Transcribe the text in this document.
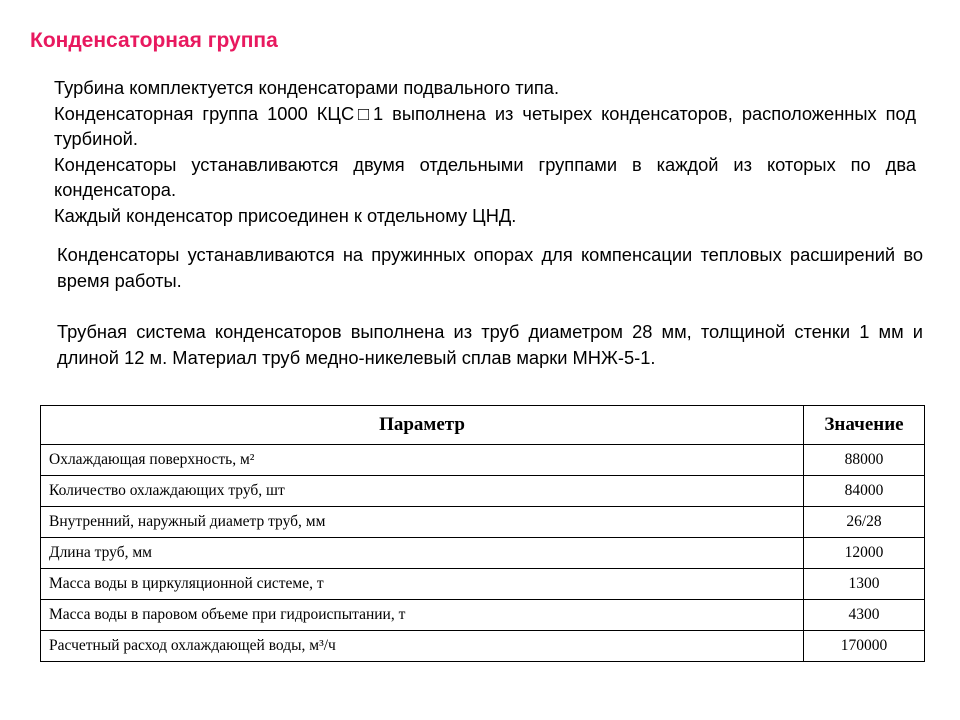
Конденсаторная группа

Турбина комплектуется конденсаторами подвального типа.

Конденсаторная группа 1000 КЦС□1 выполнена из четырех конденсаторов, расположенных под турбиной.

Конденсаторы устанавливаются двумя отдельными группами в каждой из которых по два конденсатора.

Каждый конденсатор присоединен к отдельному ЦНД.

Конденсаторы устанавливаются на пружинных опорах для компенсации тепловых расширений во время работы.

Трубная система конденсаторов выполнена из труб диаметром 28 мм, толщиной стенки 1 мм и длиной 12 м. Материал труб медно-никелевый сплав марки МНЖ-5-1.

Параметр	Значение
Охлаждающая поверхность, м²	88000
Количество охлаждающих труб, шт	84000
Внутренний, наружный диаметр труб, мм	26/28
Длина труб, мм	12000
Масса воды в циркуляционной системе, т	1300
Масса воды в паровом объеме при гидроиспытании, т	4300
Расчетный расход охлаждающей воды, м³/ч	170000
